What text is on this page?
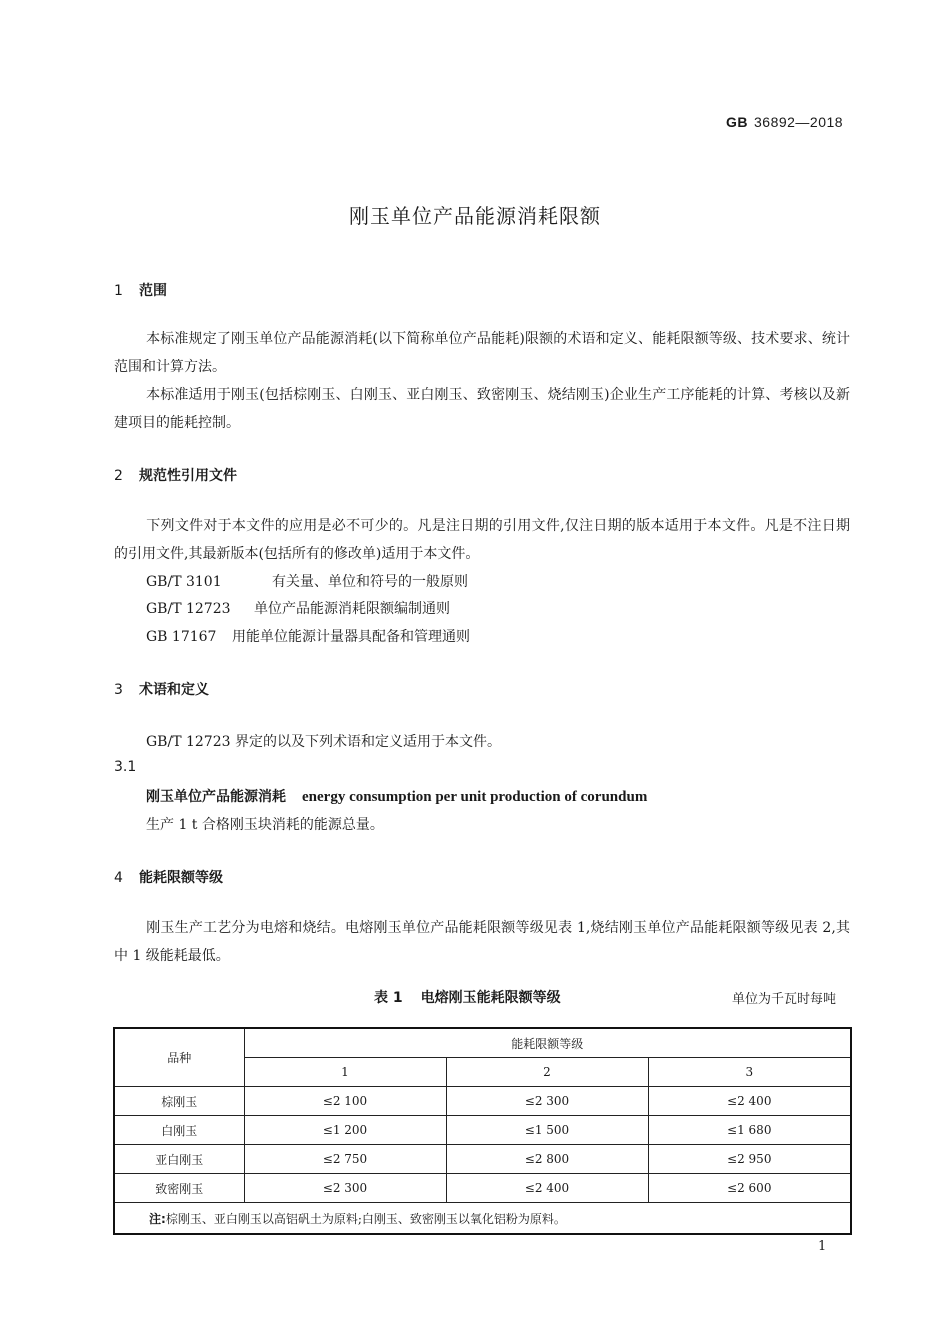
GB 36892—2018
刚玉单位产品能源消耗限额
1 范围
本标准规定了刚玉单位产品能源消耗(以下简称单位产品能耗)限额的术语和定义、能耗限额等级、技术要求、统计范围和计算方法。
本标准适用于刚玉(包括棕刚玉、白刚玉、亚白刚玉、致密刚玉、烧结刚玉)企业生产工序能耗的计算、考核以及新建项目的能耗控制。
2 规范性引用文件
下列文件对于本文件的应用是必不可少的。凡是注日期的引用文件,仅注日期的版本适用于本文件。凡是不注日期的引用文件,其最新版本(包括所有的修改单)适用于本文件。
GB/T 3101	有关量、单位和符号的一般原则
GB/T 12723 单位产品能源消耗限额编制通则
GB 17167 用能单位能源计量器具配备和管理通则
3 术语和定义
GB/T 12723 界定的以及下列术语和定义适用于本文件。
3.1
刚玉单位产品能源消耗 energy consumption per unit production of corundum
生产 1 t 合格刚玉块消耗的能源总量。
4 能耗限额等级
刚玉生产工艺分为电熔和烧结。电熔刚玉单位产品能耗限额等级见表 1,烧结刚玉单位产品能耗限额等级见表 2,其中 1 级能耗最低。
表 1 电熔刚玉能耗限额等级	单位为千瓦时每吨
品种	能耗限额等级		
	1	2	3
棕刚玉	≤2 100	≤2 300	≤2 400
白刚玉	≤1 200	≤1 500	≤1 680
亚白刚玉	≤2 750	≤2 800	≤2 950
致密刚玉	≤2 300	≤2 400	≤2 600
注:棕刚玉、亚白刚玉以高铝矾土为原料;白刚玉、致密刚玉以氧化铝粉为原料。			
1
